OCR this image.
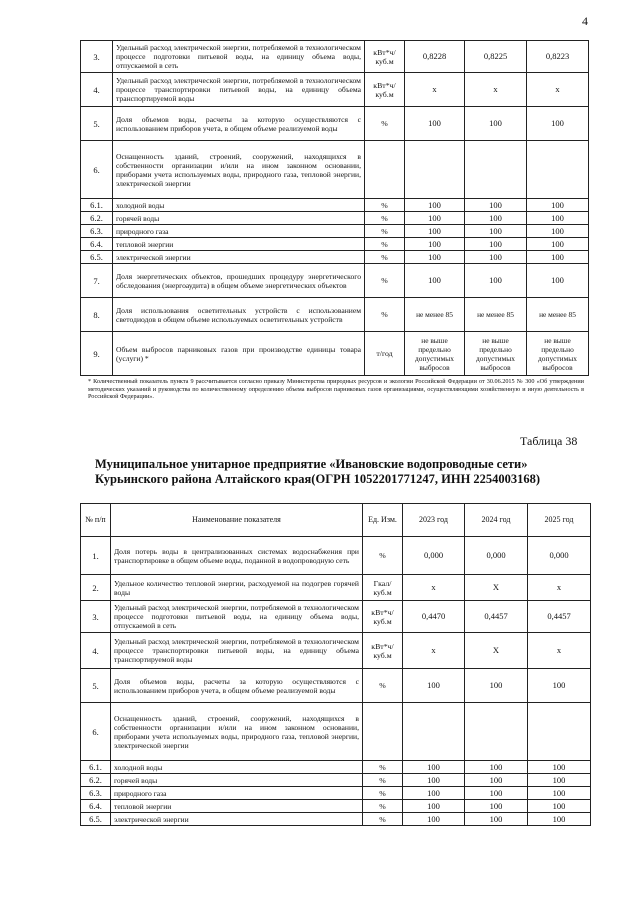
4
3.	Удельный расход электрической энергии, потребляемой в технологическом процессе подготовки питьевой воды, на единицу объема воды, отпускаемой в сеть	кВт*ч/ куб.м	0,8228	0,8225	0,8223
4.	Удельный расход электрической энергии, потребляемой в технологическом процессе транспортировки питьевой воды, на единицу объема транспортируемой воды	кВт*ч/ куб.м	х	х	х
5.	Доля объемов воды, расчеты за которую осуществляются с использованием приборов учета, в общем объеме реализуемой воды	%	100	100	100
6.	Оснащенность зданий, строений, сооружений, находящихся в собственности организации и/или на ином законном основании, приборами учета используемых воды, природного газа, тепловой энергии, электрической энергии				
6.1.	холодной воды	%	100	100	100
6.2.	горячей воды	%	100	100	100
6.3.	природного газа	%	100	100	100
6.4.	тепловой энергии	%	100	100	100
6.5.	электрической энергии	%	100	100	100
7.	Доля энергетических объектов, прошедших процедуру энергетического обследования (энергоаудита) в общем объеме энергетических объектов	%	100	100	100
8.	Доля использования осветительных устройств с использованием светодиодов в общем объеме используемых осветительных устройств	%	не менее 85	не менее 85	не менее 85
9.	Объем выбросов парниковых газов при производстве единицы товара (услуги) *	т/год	не выше предельно допустимых выбросов	не выше предельно допустимых выбросов	не выше предельно допустимых выбросов
* Количественный показатель пункта 9 рассчитывается согласно приказу Министерства природных ресурсов и экологии Российской Федерации от 30.06.2015 № 300 «Об утверждении методических указаний и руководства по количественному определению объема выбросов парниковых газов организациями, осуществляющими хозяйственную и иную деятельность в Российской Федерации».
Таблица 38
Муниципальное унитарное предприятие «Ивановские водопроводные сети» Курьинского района Алтайского края(ОГРН 1052201771247, ИНН 2254003168)
№ п/п	Наименование показателя	Ед. Изм.	2023 год	2024 год	2025 год
1.	Доля потерь воды в централизованных системах водоснабжения при транспортировке в общем объеме воды, поданной в водопроводную сеть	%	0,000	0,000	0,000
2.	Удельное количество тепловой энергии, расходуемой на подогрев горячей воды	Гкал/ куб.м	х	Х	х
3.	Удельный расход электрической энергии, потребляемой в технологическом процессе подготовки питьевой воды, на единицу объема воды, отпускаемой в сеть	кВт*ч/ куб.м	0,4470	0,4457	0,4457
4.	Удельный расход электрической энергии, потребляемой в технологическом процессе транспортировки питьевой воды, на единицу объема транспортируемой воды	кВт*ч/ куб.м	х	Х	х
5.	Доля объемов воды, расчеты за которую осуществляются с использованием приборов учета, в общем объеме реализуемой воды	%	100	100	100
6.	Оснащенность зданий, строений, сооружений, находящихся в собственности организации и/или на ином законном основании, приборами учета используемых воды, природного газа, тепловой энергии, электрической энергии				
6.1.	холодной воды	%	100	100	100
6.2.	горячей воды	%	100	100	100
6.3.	природного газа	%	100	100	100
6.4.	тепловой энергии	%	100	100	100
6.5.	электрической энергии	%	100	100	100
